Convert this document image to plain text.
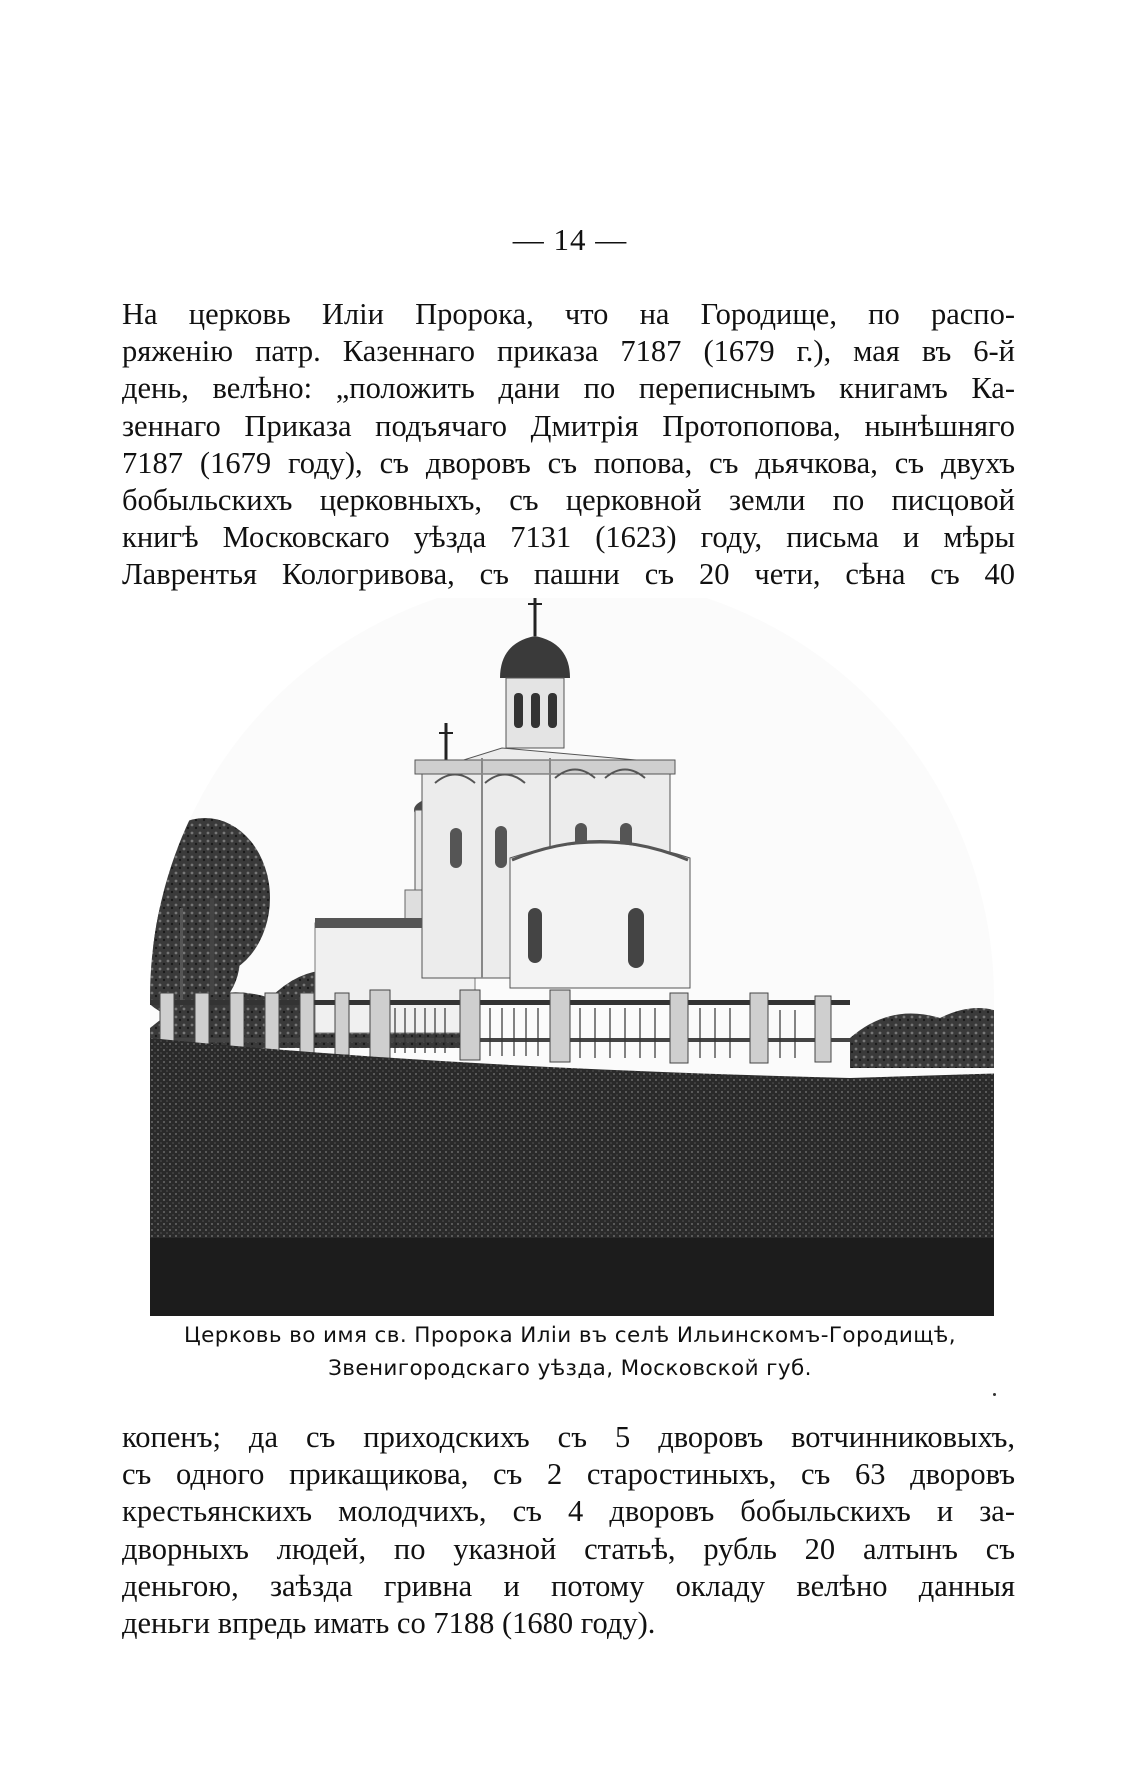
— 14 —
На церковь Иліи Пророка, что на Городище, по распо-
ряженію патр. Казеннаго приказа 7187 (1679 г.), мая въ 6-й
день, велѣно: „положить дани по переписнымъ книгамъ Ка-
зеннаго Приказа подъячаго Дмитрія Протопопова, нынѣшняго
7187 (1679 году), съ дворовъ съ попова, съ дьячкова, съ двухъ
бобыльскихъ церковныхъ, съ церковной земли по писцовой
книгѣ Московскаго уѣзда 7131 (1623) году, письма и мѣры
Лаврентья Кологривова, съ пашни съ 20 чети, сѣна съ 40
Церковь во имя св. Пророка Иліи въ селѣ Ильинскомъ-Городищѣ,
Звенигородскаго уѣзда, Московской губ.
копенъ; да съ приходскихъ съ 5 дворовъ вотчинниковыхъ,
съ одного прикащикова, съ 2 старостиныхъ, съ 63 дворовъ
крестьянскихъ молодчихъ, съ 4 дворовъ бобыльскихъ и за-
дворныхъ людей, по указной статьѣ, рубль 20 алтынъ съ
деньгою, заѣзда гривна и потому окладу велѣно данныя
деньги впредь имать со 7188 (1680 году).
